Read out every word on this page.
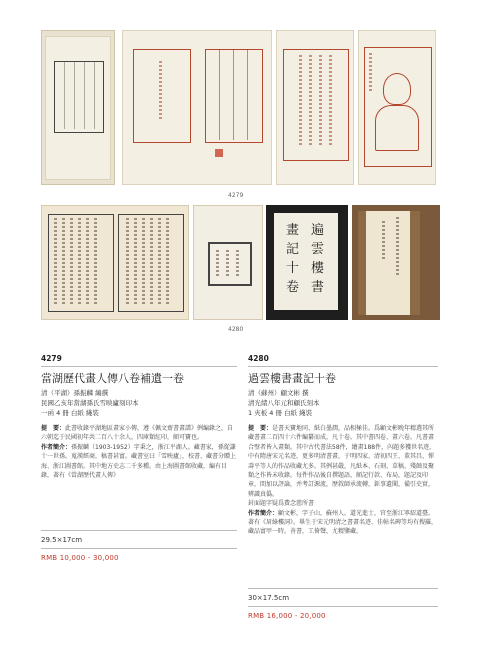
4279
遍雲樓書
畫記十卷
4280
4279
當湖歷代畫人傳八卷補遺一卷
清（平湖）孫振麟 編撰
民國乙亥年當湖孫氏雪映廬刻印本
一函 4 冊 白紙 綫裝
提　要：此書收錄平湖地區畫家小傳，遵《佩文齋書畫譜》例編錄之，自六朝迄于民國初年共二百八十余人。四庫類紅印，頗可寶也。
作者簡介：孫振麟（1903-1952）字秉之，浙江平湖人。藏書家，孫從謙十一世孫。嵬漢經商，稿書甚富。藏書室曰「雪映廬」，校書、藏書分贈上海、浙江圖書館。其中地方史志二千多種。由上海圖書館收藏，編有目錄，著有《當湖歷代畫人傳》
29.5×17cm
RMB 10,000 - 30,000
4280
過雲樓書畫記十卷
清（蘇州）顧文彬 撰
清光緒八年元和顧氏刻本
1 夾板 4 冊 白紙 綫裝
提　要：是書天寶地同、紙白墨潤，品相極佳。爲顧文彬晚年精選其所藏書畫二百四十六件編纂而成，凡十卷。其中書四卷、畫六卷。凡書畫合璧者皆入畫類。其中古代書法58件，繪畫188件，內題多獲世名迹，中有隋唐宋元名迹，更多明清書畫，于明四家、清初四王、董其昌、惲壽平等人的作品收藏尤多。其例甚嚴，凡紙本、石刻、草稿、殘蝕及聚類之作皆未收錄。每件作品後自撰題語，頗記行款、布局，題記及印章，間加以評論，并考訂源流，歷敘師承流轉，鉅事遺聞，備引史實，辨識真僞。
封面題字疑爲費念慈所書
作者簡介：顧文彬，字子山，蘇州人。道光進士，官至浙江寧紹道臺。著有《眉綠樓詞》。畢生于宋元明清之書畫名迹、佳帖名碑等均有搜羅，藏品富甲一時。善書，工倚聲，尤精鑒藏。
30×17.5cm
RMB 16,000 - 20,000
